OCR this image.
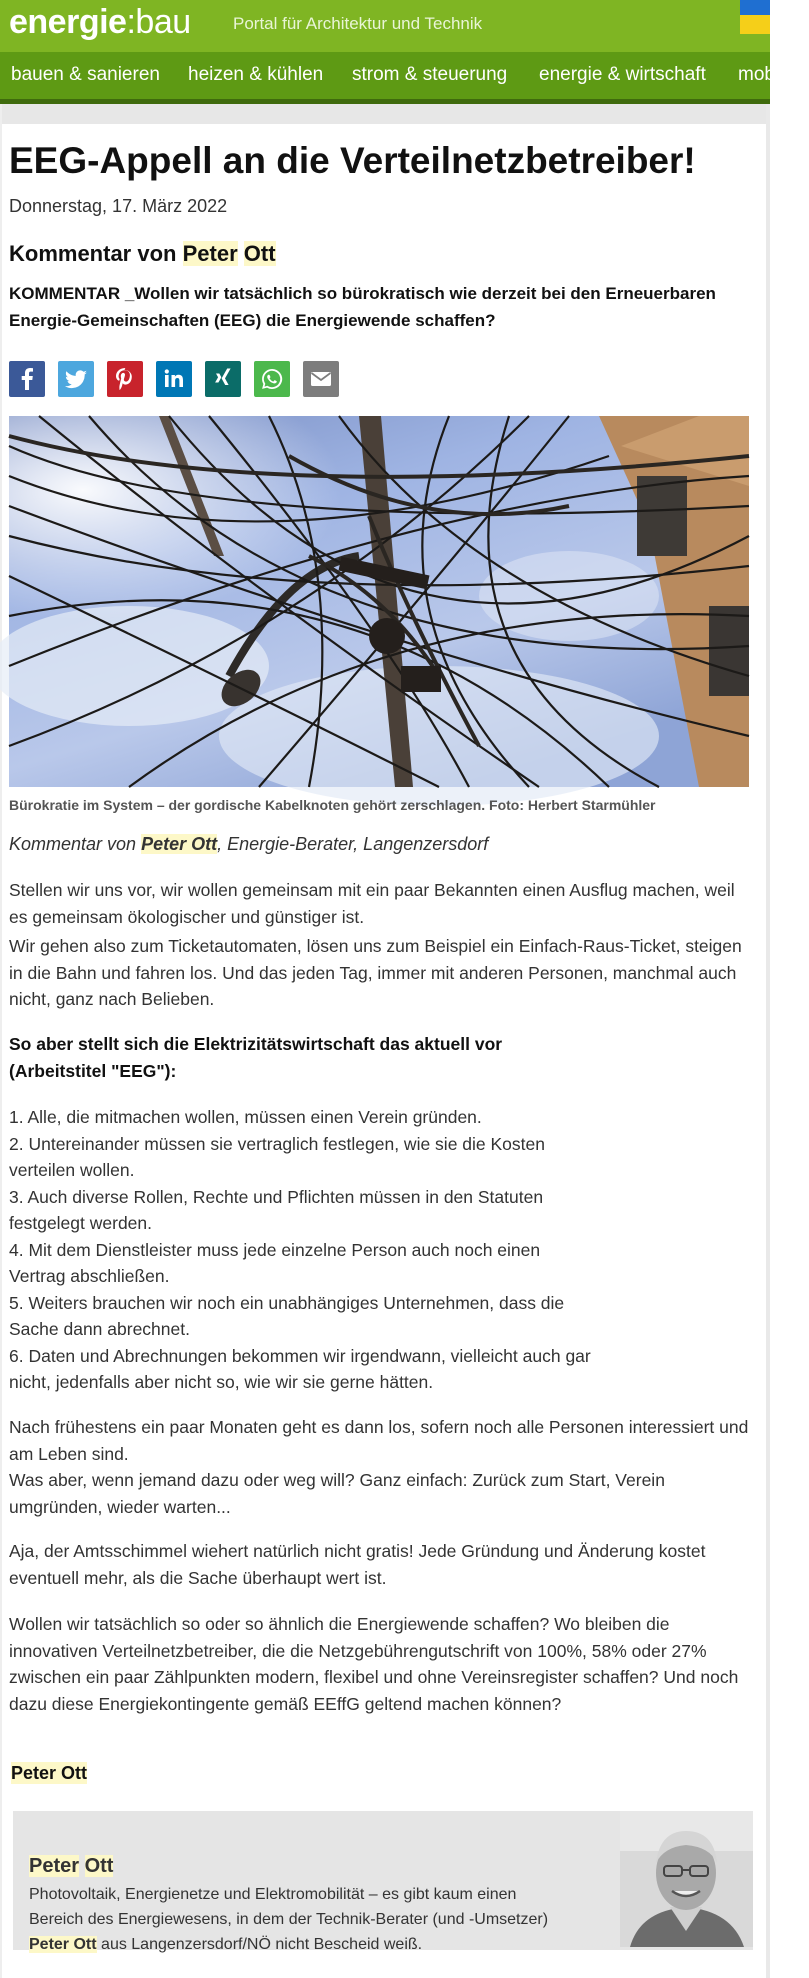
energie:bau Portal für Architektur und Technik
bauen & sanieren heizen & kühlen strom & steuerung energie & wirtschaft mobilität
EEG-Appell an die Verteilnetzbetreiber!
Donnerstag, 17. März 2022
Kommentar von Peter Ott
KOMMENTAR _Wollen wir tatsächlich so bürokratisch wie derzeit bei den Erneuerbaren
Energie-Gemeinschaften (EEG) die Energiewende schaffen?
Bürokratie im System – der gordische Kabelknoten gehört zerschlagen. Foto: Herbert Starmühler
Kommentar von Peter Ott, Energie-Berater, Langenzersdorf
Stellen wir uns vor, wir wollen gemeinsam mit ein paar Bekannten einen Ausflug machen, weil
es gemeinsam ökologischer und günstiger ist.
Wir gehen also zum Ticketautomaten, lösen uns zum Beispiel ein Einfach-Raus-Ticket, steigen
in die Bahn und fahren los. Und das jeden Tag, immer mit anderen Personen, manchmal auch
nicht, ganz nach Belieben.
So aber stellt sich die Elektrizitätswirtschaft das aktuell vor
(Arbeitstitel "EEG"):
1. Alle, die mitmachen wollen, müssen einen Verein gründen.
2. Untereinander müssen sie vertraglich festlegen, wie sie die Kosten
verteilen wollen.
3. Auch diverse Rollen, Rechte und Pflichten müssen in den Statuten
festgelegt werden.
4. Mit dem Dienstleister muss jede einzelne Person auch noch einen
Vertrag abschließen.
5. Weiters brauchen wir noch ein unabhängiges Unternehmen, dass die
Sache dann abrechnet.
6. Daten und Abrechnungen bekommen wir irgendwann, vielleicht auch gar
nicht, jedenfalls aber nicht so, wie wir sie gerne hätten.
Nach frühestens ein paar Monaten geht es dann los, sofern noch alle Personen interessiert und
am Leben sind.
Was aber, wenn jemand dazu oder weg will? Ganz einfach: Zurück zum Start, Verein
umgründen, wieder warten...
Aja, der Amtsschimmel wiehert natürlich nicht gratis! Jede Gründung und Änderung kostet
eventuell mehr, als die Sache überhaupt wert ist.
Wollen wir tatsächlich so oder so ähnlich die Energiewende schaffen? Wo bleiben die
innovativen Verteilnetzbetreiber, die die Netzgebührengutschrift von 100%, 58% oder 27%
zwischen ein paar Zählpunkten modern, flexibel und ohne Vereinsregister schaffen? Und noch
dazu diese Energiekontingente gemäß EEffG geltend machen können?
Peter Ott
Peter Ott
Photovoltaik, Energienetze und Elektromobilität – es gibt kaum einen
Bereich des Energiewesens, in dem der Technik-Berater (und -Umsetzer)
Peter Ott aus Langenzersdorf/NÖ nicht Bescheid weiß.
